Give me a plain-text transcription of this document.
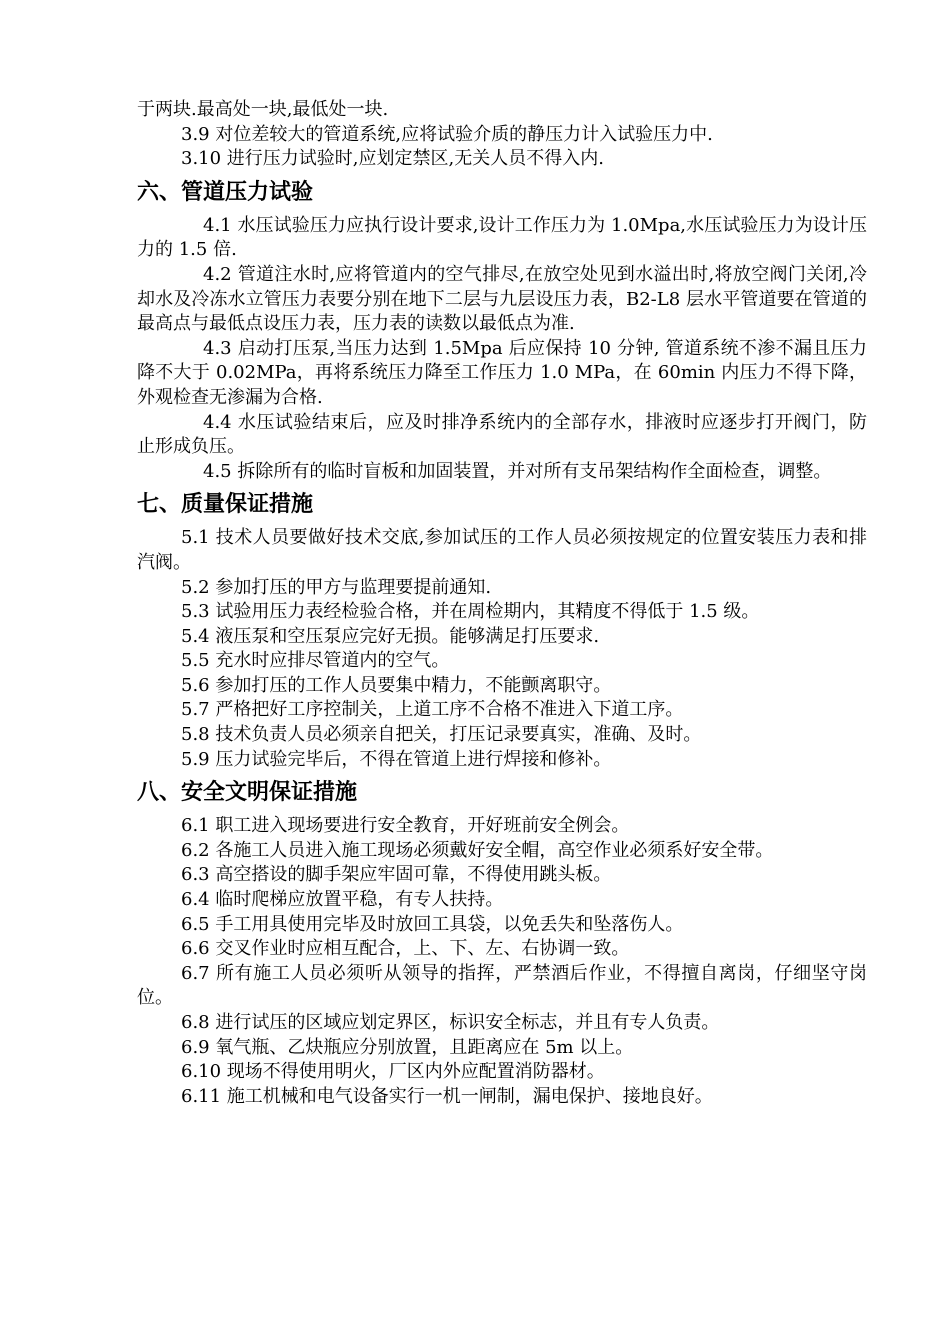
于两块.最高处一块,最低处一块.

3.9 对位差较大的管道系统,应将试验介质的静压力计入试验压力中.

3.10 进行压力试验时,应划定禁区,无关人员不得入内.

六、管道压力试验

4.1 水压试验压力应执行设计要求,设计工作压力为 1.0Mpa,水压试验压力为设计压力的 1.5 倍.

4.2 管道注水时,应将管道内的空气排尽,在放空处见到水溢出时,将放空阀门关闭,冷却水及冷冻水立管压力表要分别在地下二层与九层设压力表，B2-L8 层水平管道要在管道的最高点与最低点设压力表，压力表的读数以最低点为准.

4.3 启动打压泵,当压力达到 1.5Mpa 后应保持 10 分钟, 管道系统不渗不漏且压力降不大于 0.02MPa，再将系统压力降至工作压力 1.0 MPa，在 60min 内压力不得下降，外观检查无渗漏为合格.

4.4 水压试验结束后，应及时排净系统内的全部存水，排液时应逐步打开阀门，防止形成负压。

4.5 拆除所有的临时盲板和加固装置，并对所有支吊架结构作全面检查，调整。

七、质量保证措施

5.1 技术人员要做好技术交底,参加试压的工作人员必须按规定的位置安装压力表和排汽阀。

5.2 参加打压的甲方与监理要提前通知.

5.3 试验用压力表经检验合格，并在周检期内，其精度不得低于 1.5 级。

5.4 液压泵和空压泵应完好无损。能够满足打压要求.

5.5 充水时应排尽管道内的空气。

5.6 参加打压的工作人员要集中精力，不能颤离职守。

5.7 严格把好工序控制关，上道工序不合格不准进入下道工序。

5.8 技术负责人员必须亲自把关，打压记录要真实，准确、及时。

5.9 压力试验完毕后，不得在管道上进行焊接和修补。

八、安全文明保证措施

6.1 职工进入现场要进行安全教育，开好班前安全例会。

6.2 各施工人员进入施工现场必须戴好安全帽，高空作业必须系好安全带。

6.3 高空搭设的脚手架应牢固可靠，不得使用跳头板。

6.4 临时爬梯应放置平稳，有专人扶持。

6.5 手工用具使用完毕及时放回工具袋，以免丢失和坠落伤人。

6.6 交叉作业时应相互配合，上、下、左、右协调一致。

6.7 所有施工人员必须听从领导的指挥，严禁酒后作业，不得擅自离岗，仔细坚守岗位。

6.8 进行试压的区域应划定界区，标识安全标志，并且有专人负责。

6.9 氧气瓶、乙炔瓶应分别放置，且距离应在 5m 以上。

6.10 现场不得使用明火，厂区内外应配置消防器材。

6.11 施工机械和电气设备实行一机一闸制，漏电保护、接地良好。
